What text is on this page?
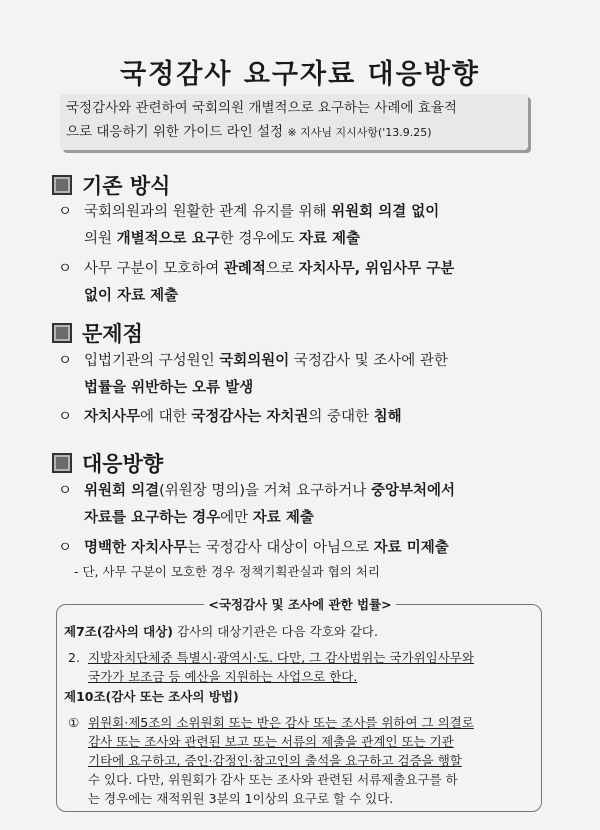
국정감사 요구자료 대응방향
국정감사와 관련하여 국회의원 개별적으로 요구하는 사례에 효율적
으로 대응하기 위한 가이드 라인 설정 ※ 지사님 지시사항('13.9.25)
기존 방식
ㅇ 국회의원과의 원활한 관계 유지를 위해 위원회 의결 없이
의원 개별적으로 요구한 경우에도 자료 제출
ㅇ 사무 구분이 모호하여 관례적으로 자치사무, 위임사무 구분
없이 자료 제출
문제점
ㅇ 입법기관의 구성원인 국회의원이 국정감사 및 조사에 관한
법률을 위반하는 오류 발생
ㅇ 자치사무에 대한 국정감사는 자치권의 중대한 침해
대응방향
ㅇ 위원회 의결(위원장 명의)을 거쳐 요구하거나 중앙부처에서
자료를 요구하는 경우에만 자료 제출
ㅇ 명백한 자치사무는 국정감사 대상이 아님으로 자료 미제출
- 단, 사무 구분이 모호한 경우 정책기획관실과 협의 처리
<국정감사 및 조사에 관한 법률>
제7조(감사의 대상) 감사의 대상기관은 다음 각호와 같다.
2. 지방자치단체중 특별시·광역시·도. 다만, 그 감사범위는 국가위임사무와
국가가 보조금 등 예산을 지원하는 사업으로 한다.
제10조(감사 또는 조사의 방법)
① 위원회·제5조의 소위원회 또는 반은 감사 또는 조사를 위하여 그 의결로
감사 또는 조사와 관련된 보고 또는 서류의 제출을 관계인 또는 기관
기타에 요구하고, 증인·감정인·참고인의 출석을 요구하고 검증을 행할
수 있다. 다만, 위원회가 감사 또는 조사와 관련된 서류제출요구를 하
는 경우에는 재적위원 3분의 1이상의 요구로 할 수 있다.
